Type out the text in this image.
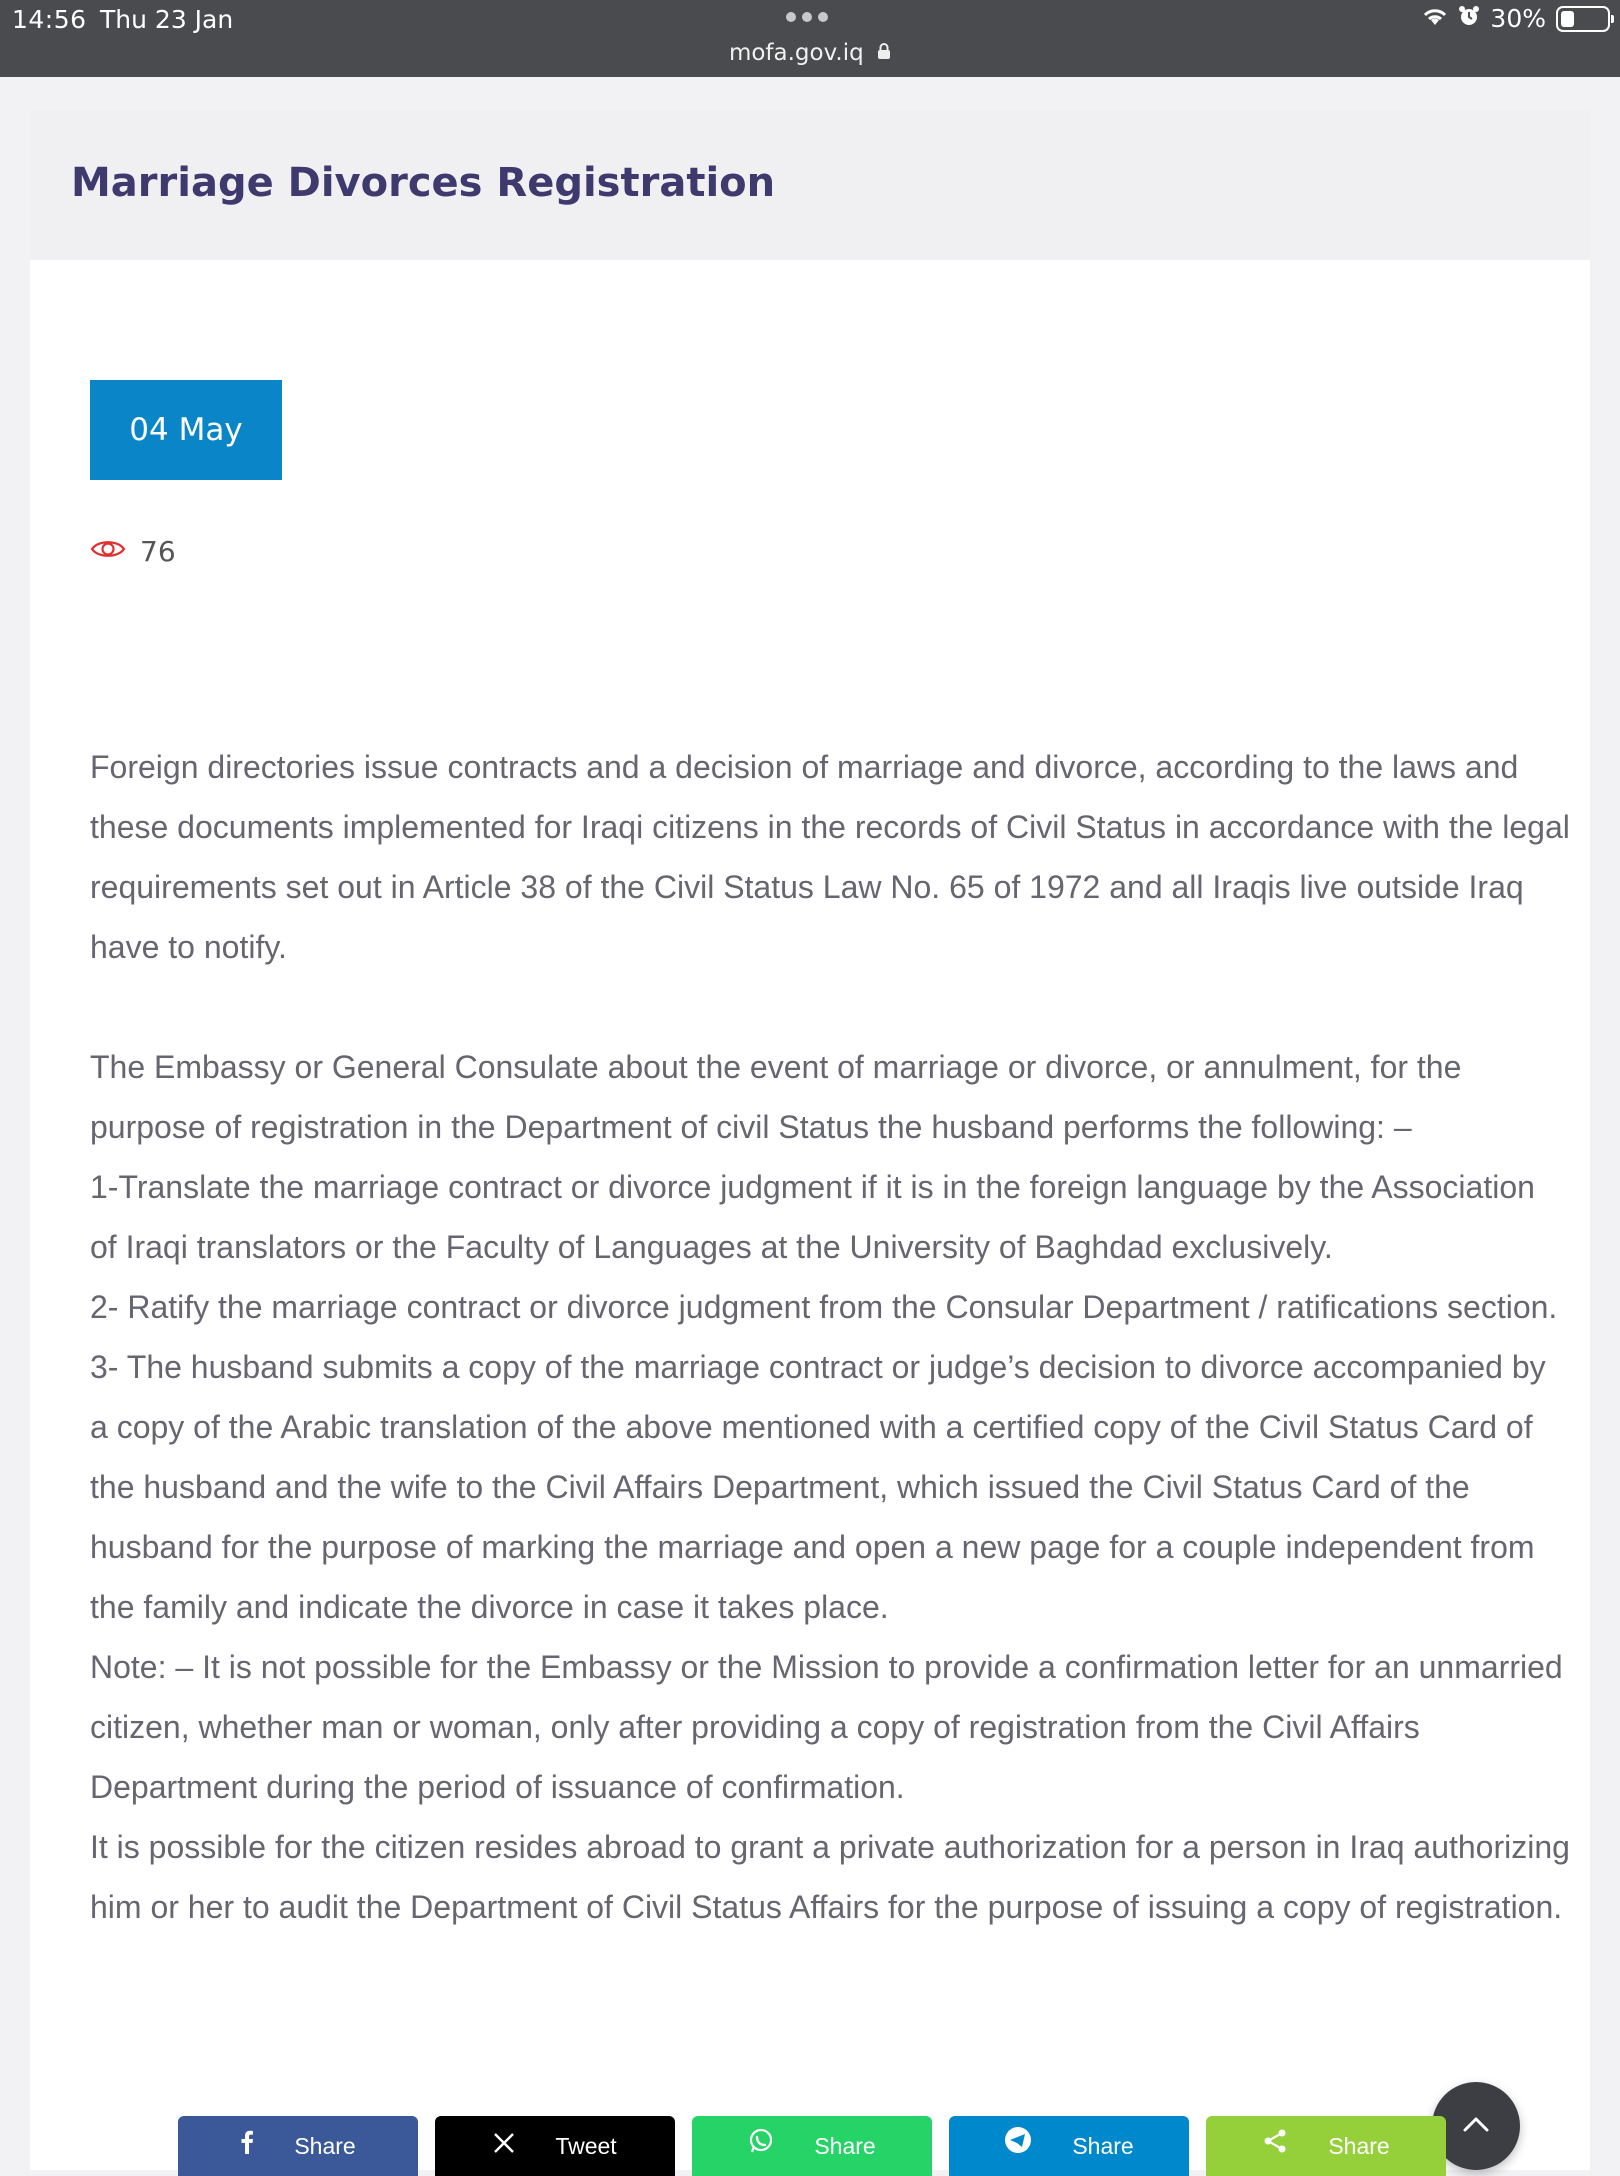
14:56 Thu 23 Jan
mofa.gov.iq
30%
Marriage Divorces Registration
04 May
76

Foreign directories issue contracts and a decision of marriage and divorce, according to the laws and these documents implemented for Iraqi citizens in the records of Civil Status in accordance with the legal requirements set out in Article 38 of the Civil Status Law No. 65 of 1972 and all Iraqis live outside Iraq have to notify.

The Embassy or General Consulate about the event of marriage or divorce, or annulment, for the purpose of registration in the Department of civil Status the husband performs the following: –

1-Translate the marriage contract or divorce judgment if it is in the foreign language by the Association of Iraqi translators or the Faculty of Languages at the University of Baghdad exclusively.

2- Ratify the marriage contract or divorce judgment from the Consular Department / ratifications section.

3- The husband submits a copy of the marriage contract or judge’s decision to divorce accompanied by a copy of the Arabic translation of the above mentioned with a certified copy of the Civil Status Card of the husband and the wife to the Civil Affairs Department, which issued the Civil Status Card of the husband for the purpose of marking the marriage and open a new page for a couple independent from the family and indicate the divorce in case it takes place.

Note: – It is not possible for the Embassy or the Mission to provide a confirmation letter for an unmarried citizen, whether man or woman, only after providing a copy of registration from the Civil Affairs Department during the period of issuance of confirmation.

It is possible for the citizen resides abroad to grant a private authorization for a person in Iraq authorizing him or her to audit the Department of Civil Status Affairs for the purpose of issuing a copy of registration.

Share	Tweet	Share	Share	Share
